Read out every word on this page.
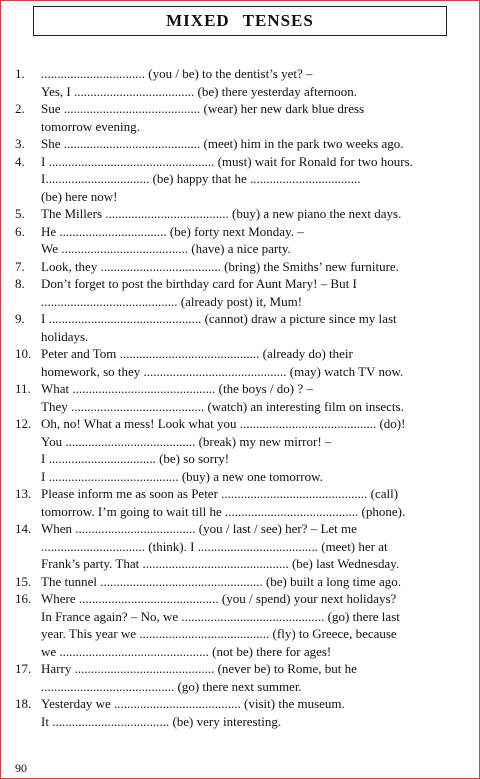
MIXED TENSES
1.	................................ (you / be) to the dentist’s yet? –
Yes, I ..................................... (be) there yesterday afternoon.
2.	Sue .......................................... (wear) her new dark blue dress
tomorrow evening.
3.	She .......................................... (meet) him in the park two weeks ago.
4.	I ................................................... (must) wait for Ronald for two hours.
I................................ (be) happy that he ..................................
(be) here now!
5.	The Millers ...................................... (buy) a new piano the next days.
6.	He ................................. (be) forty next Monday. –
We ....................................... (have) a nice party.
7.	Look, they ..................................... (bring) the Smiths’ new furniture.
8.	Don’t forget to post the birthday card for Aunt Mary! – But I
.......................................... (already post) it, Mum!
9.	I ............................................... (cannot) draw a picture since my last
holidays.
10. Peter and Tom ........................................... (already do) their
homework, so they ............................................ (may) watch TV now.
11. What ............................................ (the boys / do) ? –
They ......................................... (watch) an interesting film on insects.
12. Oh, no! What a mess! Look what you .......................................... (do)!
You ........................................ (break) my new mirror! –
I ................................. (be) so sorry!
I ........................................ (buy) a new one tomorrow.
13. Please inform me as soon as Peter ............................................. (call)
tomorrow. I’m going to wait till he ......................................... (phone).
14. When ..................................... (you / last / see) her? – Let me
................................ (think). I ..................................... (meet) her at
Frank’s party. That ............................................. (be) last Wednesday.
15. The tunnel .................................................. (be) built a long time ago.
16. Where ........................................... (you / spend) your next holidays?
In France again? – No, we ............................................ (go) there last
year. This year we ........................................ (fly) to Greece, because
we .............................................. (not be) there for ages!
17. Harry ........................................... (never be) to Rome, but he
......................................... (go) there next summer.
18. Yesterday we ....................................... (visit) the museum.
It .................................... (be) very interesting.
90
